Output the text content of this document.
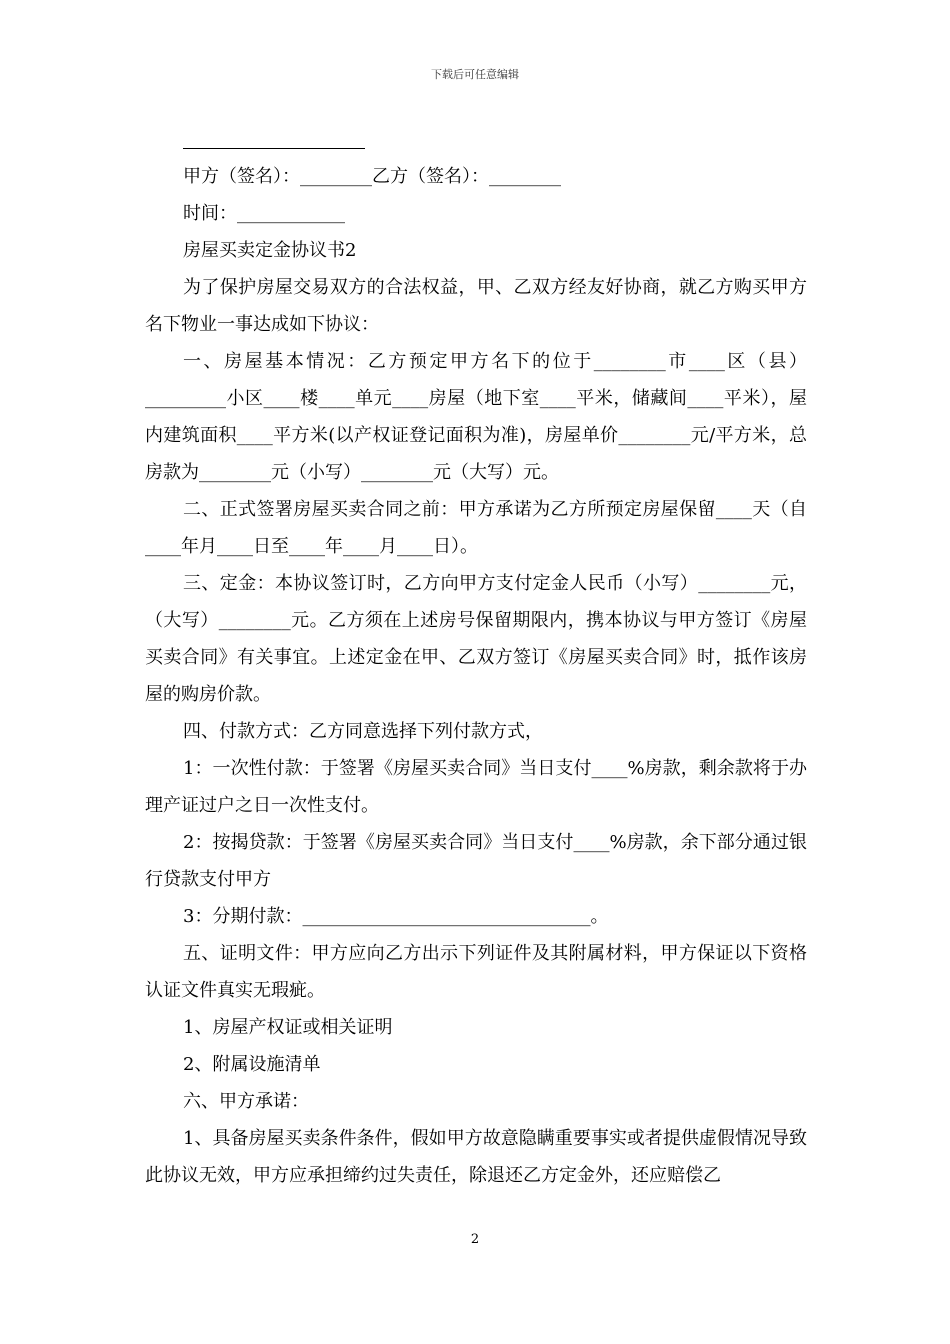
下载后可任意编辑

甲方（签名）：________乙方（签名）：________

时间：____________

房屋买卖定金协议书2

为了保护房屋交易双方的合法权益，甲、乙双方经友好协商，就乙方购买甲方名下物业一事达成如下协议：

一、房屋基本情况：乙方预定甲方名下的位于________市____区（县）_________小区____楼____单元____房屋（地下室____平米，储藏间____平米），屋内建筑面积____平方米(以产权证登记面积为准)，房屋单价________元/平方米，总房款为________元（小写）________元（大写）元。

二、正式签署房屋买卖合同之前：甲方承诺为乙方所预定房屋保留____天（自____年月____日至____年____月____日）。

三、定金：本协议签订时，乙方向甲方支付定金人民币（小写）________元，（大写）________元。乙方须在上述房号保留期限内，携本协议与甲方签订《房屋买卖合同》有关事宜。上述定金在甲、乙双方签订《房屋买卖合同》时，抵作该房屋的购房价款。

四、付款方式：乙方同意选择下列付款方式，

1：一次性付款：于签署《房屋买卖合同》当日支付____%房款，剩余款将于办理产证过户之日一次性支付。

2：按揭贷款：于签署《房屋买卖合同》当日支付____%房款，余下部分通过银行贷款支付甲方

3：分期付款：________________________________。

五、证明文件：甲方应向乙方出示下列证件及其附属材料，甲方保证以下资格认证文件真实无瑕疵。

1、房屋产权证或相关证明

2、附属设施清单

六、甲方承诺：

1、具备房屋买卖条件条件，假如甲方故意隐瞒重要事实或者提供虚假情况导致此协议无效，甲方应承担缔约过失责任，除退还乙方定金外，还应赔偿乙

2
